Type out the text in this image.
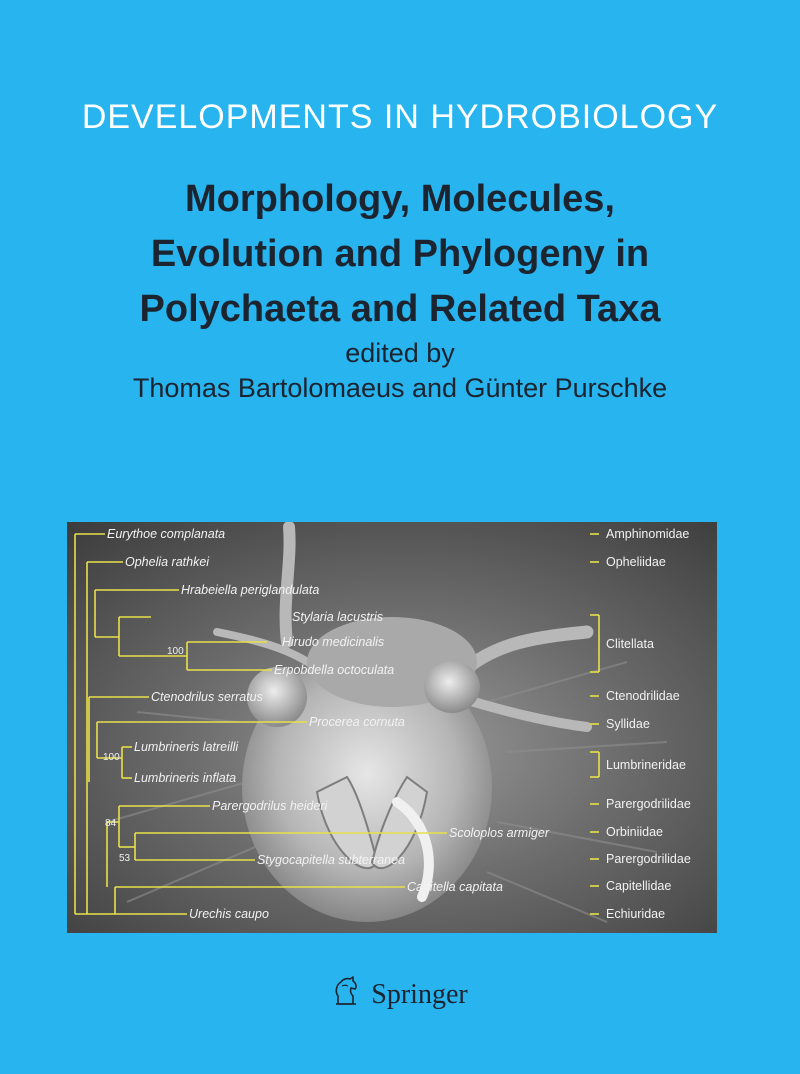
DEVELOPMENTS IN HYDROBIOLOGY
Morphology, Molecules,
Evolution and Phylogeny in
Polychaeta and Related Taxa
edited by
Thomas Bartolomaeus and Günter Purschke
Eurythoe complanata
Ophelia rathkei
Hrabeiella periglandulata
Stylaria lacustris
Hirudo medicinalis
Erpobdella octoculata
Ctenodrilus serratus
Procerea cornuta
Lumbrineris latreilli
Lumbrineris inflata
Parergodrilus heideri
Scoloplos armiger
Stygocapitella subterranea
Capitella capitata
Urechis caupo
Amphinomidae
Opheliidae
Clitellata
Ctenodrilidae
Syllidae
Lumbrineridae
Parergodrilidae
Orbiniidae
Parergodrilidae
Capitellidae
Echiuridae
100
100
84
53
Springer
